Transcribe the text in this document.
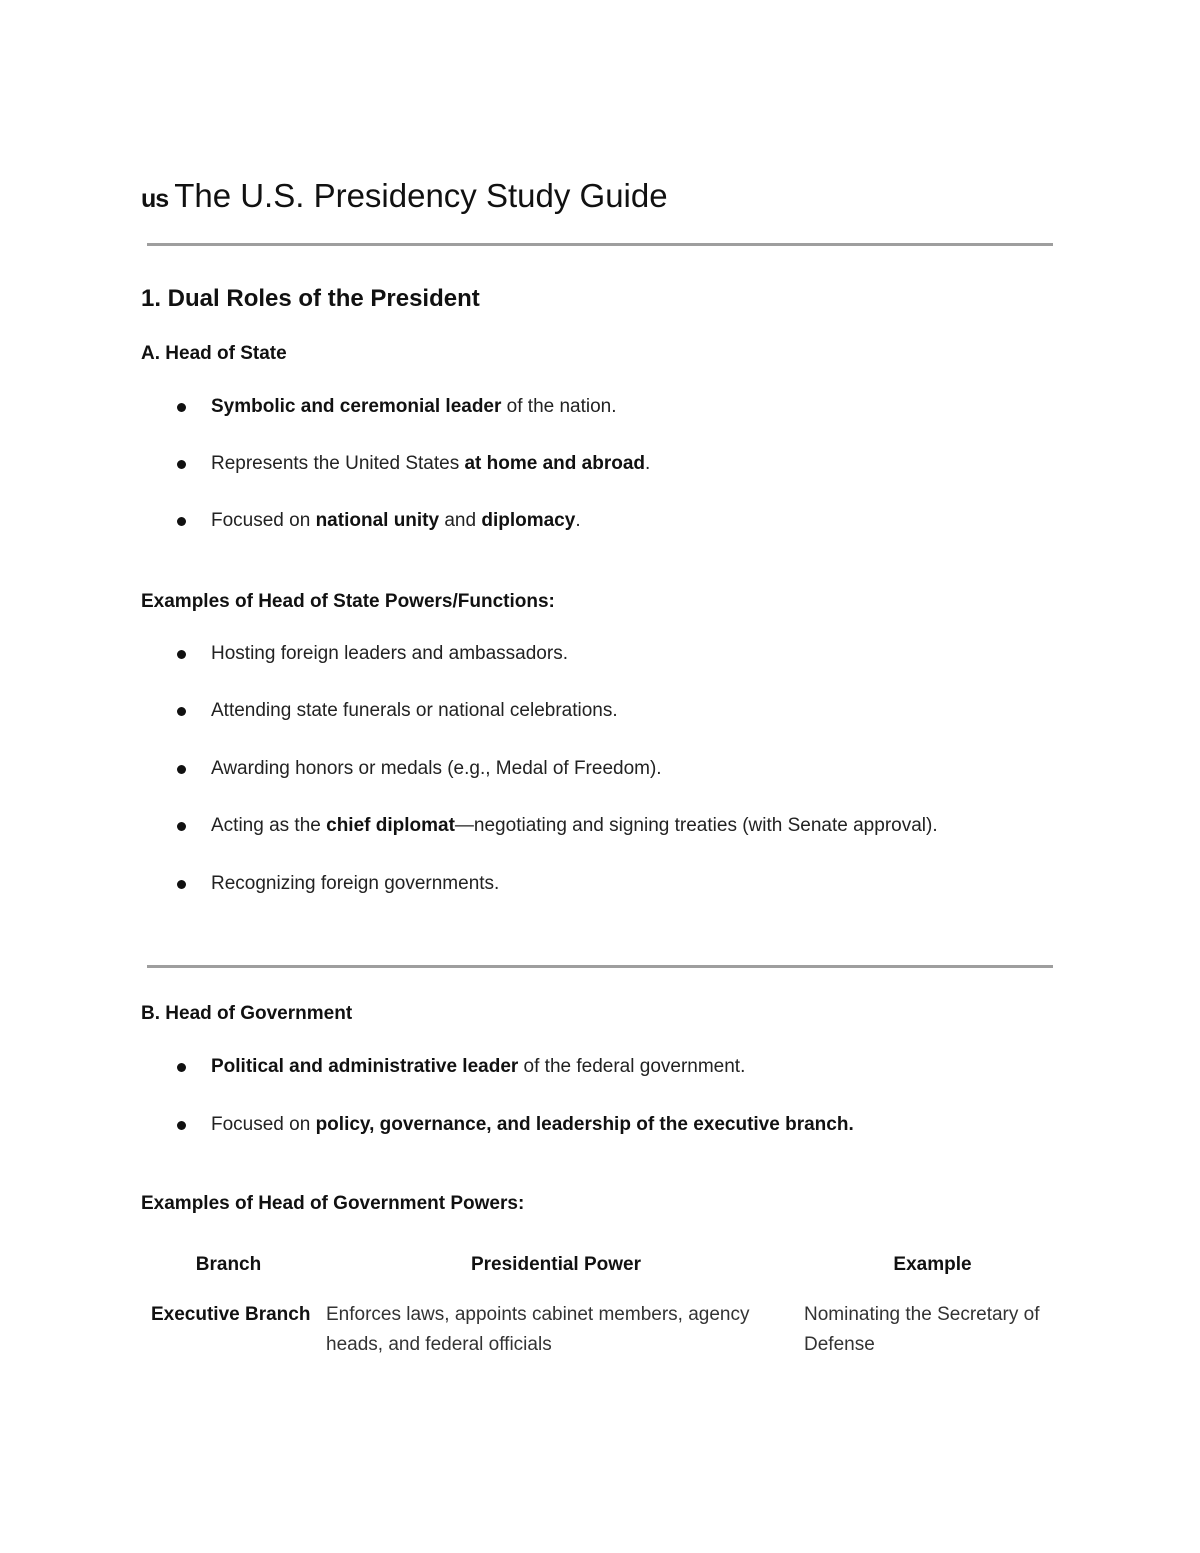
us The U.S. Presidency Study Guide
1. Dual Roles of the President
A. Head of State
Symbolic and ceremonial leader of the nation.
Represents the United States at home and abroad.
Focused on national unity and diplomacy.
Examples of Head of State Powers/Functions:
Hosting foreign leaders and ambassadors.
Attending state funerals or national celebrations.
Awarding honors or medals (e.g., Medal of Freedom).
Acting as the chief diplomat—negotiating and signing treaties (with Senate approval).
Recognizing foreign governments.
B. Head of Government
Political and administrative leader of the federal government.
Focused on policy, governance, and leadership of the executive branch.
Examples of Head of Government Powers:
Branch	Presidential Power	Example
Executive Branch Enforces laws, appoints cabinet members, agency heads, and federal officials
Nominating the Secretary of Defense
